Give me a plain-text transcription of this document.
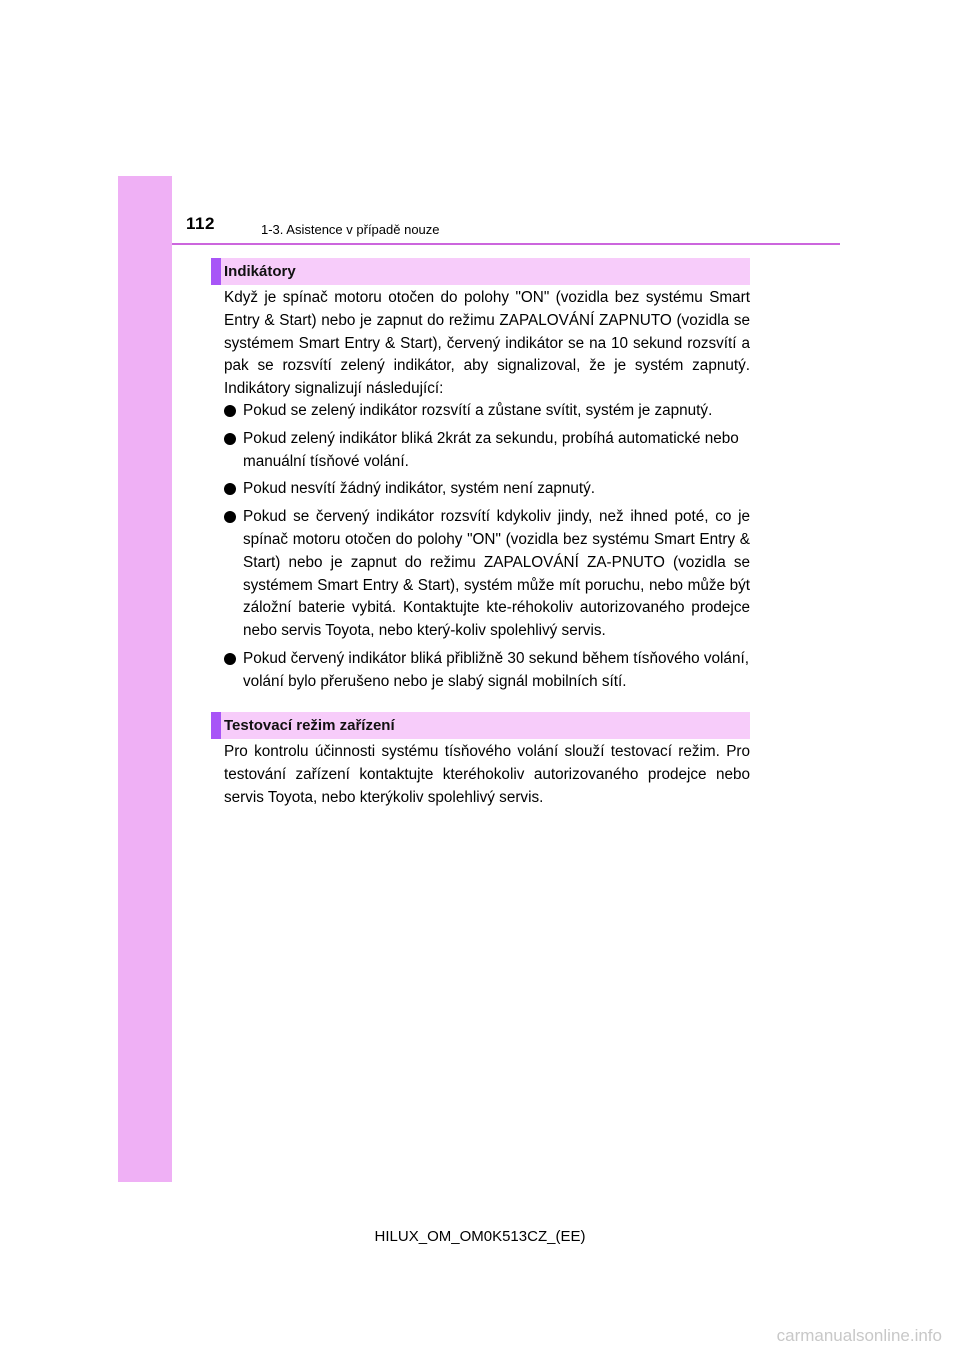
112	1-3. Asistence v případě nouze
Indikátory

Když je spínač motoru otočen do polohy "ON" (vozidla bez systému Smart Entry & Start) nebo je zapnut do režimu ZAPALOVÁNÍ ZAPNUTO (vozidla se systémem Smart Entry & Start), červený indikátor se na 10 sekund rozsvítí a pak se rozsvítí zelený indikátor, aby signalizoval, že je systém zapnutý. Indikátory signalizují následující:

Pokud se zelený indikátor rozsvítí a zůstane svítit, systém je zapnutý.
Pokud zelený indikátor bliká 2krát za sekundu, probíhá automatické nebo manuální tísňové volání.
Pokud nesvítí žádný indikátor, systém není zapnutý.
Pokud se červený indikátor rozsvítí kdykoliv jindy, než ihned poté, co je spínač motoru otočen do polohy "ON" (vozidla bez systému Smart Entry & Start) nebo je zapnut do režimu ZAPALOVÁNÍ ZA-PNUTO (vozidla se systémem Smart Entry & Start), systém může mít poruchu, nebo může být záložní baterie vybitá. Kontaktujte kte-réhokoliv autorizovaného prodejce nebo servis Toyota, nebo který-koliv spolehlivý servis.
Pokud červený indikátor bliká přibližně 30 sekund během tísňového volání, volání bylo přerušeno nebo je slabý signál mobilních sítí.
Testovací režim zařízení

Pro kontrolu účinnosti systému tísňového volání slouží testovací režim. Pro testování zařízení kontaktujte kteréhokoliv autorizovaného prodejce nebo servis Toyota, nebo kterýkoliv spolehlivý servis.

HILUX_OM_OM0K513CZ_(EE)
carmanualsonline.info
